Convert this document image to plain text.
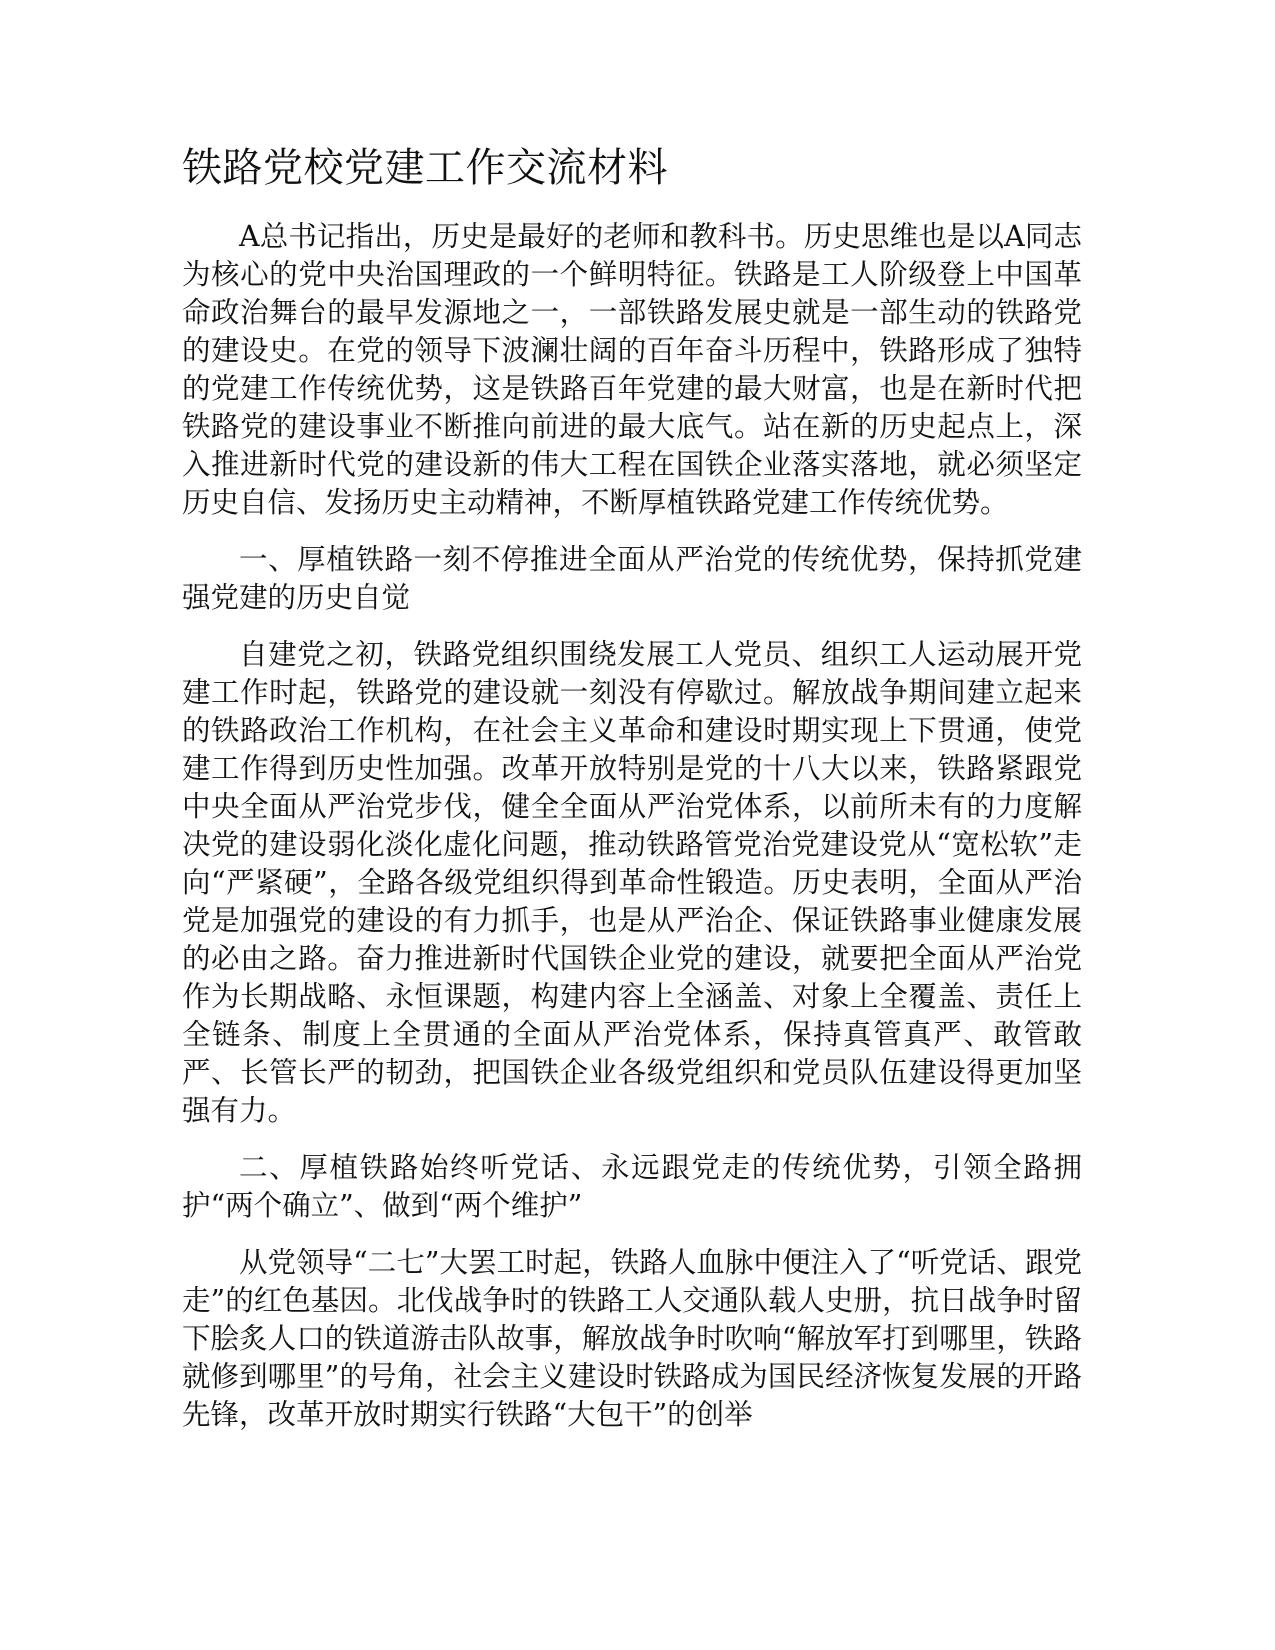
铁路党校党建工作交流材料

A总书记指出，历史是最好的老师和教科书。历史思维也是以A同志为核心的党中央治国理政的一个鲜明特征。铁路是工人阶级登上中国革命政治舞台的最早发源地之一，一部铁路发展史就是一部生动的铁路党的建设史。在党的领导下波澜壮阔的百年奋斗历程中，铁路形成了独特的党建工作传统优势，这是铁路百年党建的最大财富，也是在新时代把铁路党的建设事业不断推向前进的最大底气。站在新的历史起点上，深入推进新时代党的建设新的伟大工程在国铁企业落实落地，就必须坚定历史自信、发扬历史主动精神，不断厚植铁路党建工作传统优势。

一、厚植铁路一刻不停推进全面从严治党的传统优势，保持抓党建强党建的历史自觉

自建党之初，铁路党组织围绕发展工人党员、组织工人运动展开党建工作时起，铁路党的建设就一刻没有停歇过。解放战争期间建立起来的铁路政治工作机构，在社会主义革命和建设时期实现上下贯通，使党建工作得到历史性加强。改革开放特别是党的十八大以来，铁路紧跟党中央全面从严治党步伐，健全全面从严治党体系，以前所未有的力度解决党的建设弱化淡化虚化问题，推动铁路管党治党建设党从“宽松软”走向“严紧硬”，全路各级党组织得到革命性锻造。历史表明，全面从严治党是加强党的建设的有力抓手，也是从严治企、保证铁路事业健康发展的必由之路。奋力推进新时代国铁企业党的建设，就要把全面从严治党作为长期战略、永恒课题，构建内容上全涵盖、对象上全覆盖、责任上全链条、制度上全贯通的全面从严治党体系，保持真管真严、敢管敢严、长管长严的韧劲，把国铁企业各级党组织和党员队伍建设得更加坚强有力。

二、厚植铁路始终听党话、永远跟党走的传统优势，引领全路拥护“两个确立”、做到“两个维护”

从党领导“二七”大罢工时起，铁路人血脉中便注入了“听党话、跟党走”的红色基因。北伐战争时的铁路工人交通队载人史册，抗日战争时留下脍炙人口的铁道游击队故事，解放战争时吹响“解放军打到哪里，铁路就修到哪里”的号角，社会主义建设时铁路成为国民经济恢复发展的开路先锋，改革开放时期实行铁路“大包干”的创举
